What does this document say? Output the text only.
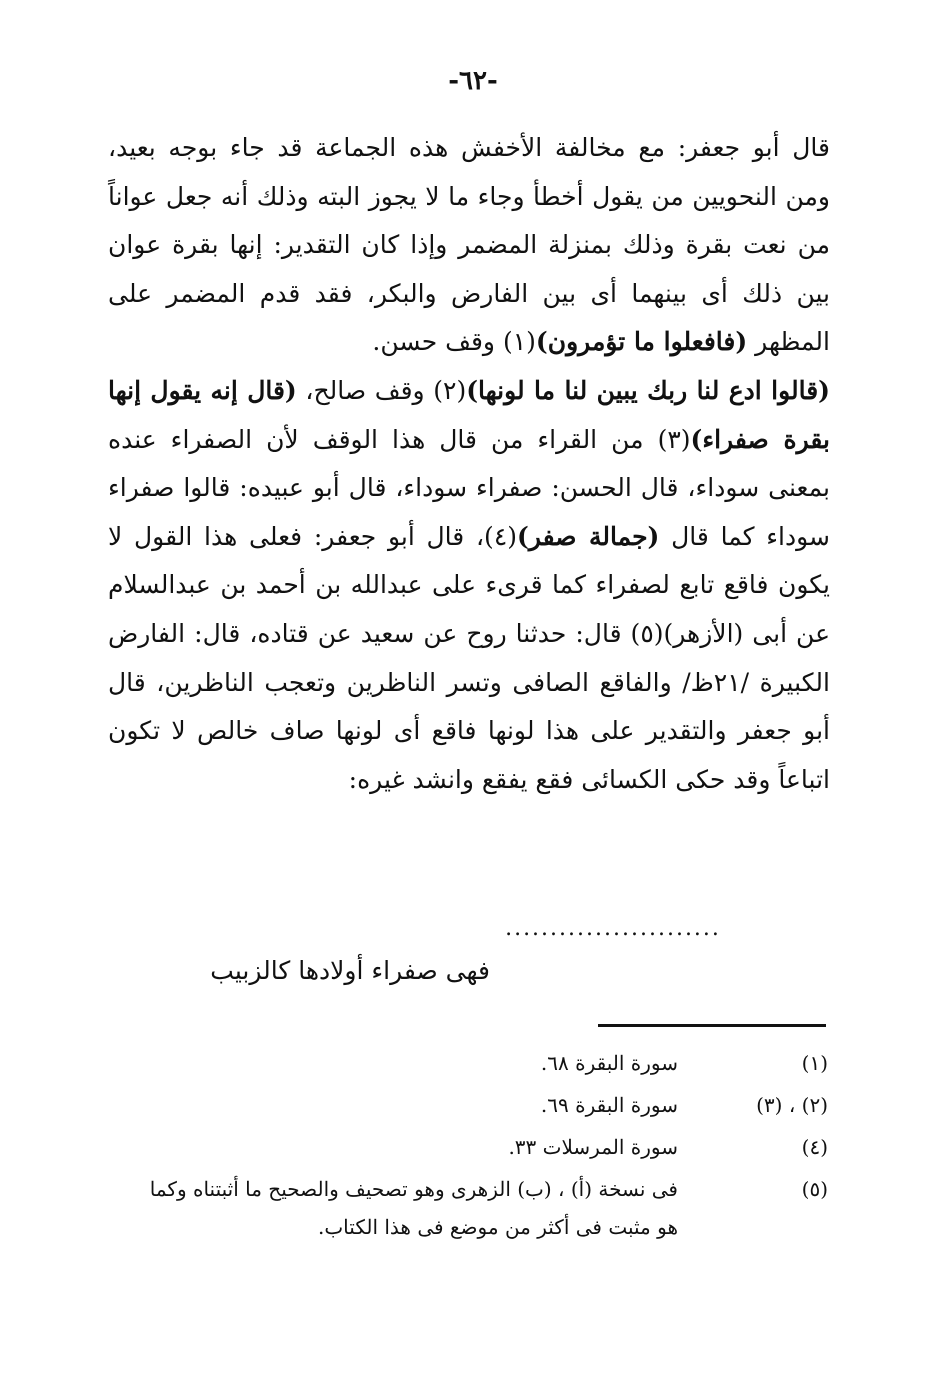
-٦٢-

قال أبو جعفر: مع مخالفة الأخفش هذه الجماعة قد جاء بوجه بعيد، ومن النحويين من يقول أخطأ وجاء ما لا يجوز البته وذلك أنه جعل عواناً من نعت بقرة وذلك بمنزلة المضمر وإذا كان التقدير: إنها بقرة عوان بين ذلك أى بينهما أى بين الفارض والبكر، فقد قدم المضمر على المظهر (فافعلوا ما تؤمرون)(١) وقف حسن.

(قالوا ادع لنا ربك يبين لنا ما لونها)(٢) وقف صالح، (قال إنه يقول إنها بقرة صفراء)(٣) من القراء من قال هذا الوقف لأن الصفراء عنده بمعنى سوداء، قال الحسن: صفراء سوداء، قال أبو عبيده: قالوا صفراء سوداء كما قال (جمالة صفر)(٤)، قال أبو جعفر: فعلى هذا القول لا يكون فاقع تابع لصفراء كما قرىء على عبدالله بن أحمد بن عبدالسلام عن أبى (الأزهر)(٥) قال: حدثنا روح عن سعيد عن قتاده، قال: الفارض الكبيرة /٢١ظ/ والفاقع الصافى وتسر الناظرين وتعجب الناظرين، قال أبو جعفر والتقدير على هذا لونها فاقع أى لونها صاف خالص لا تكون اتباعاً وقد حكى الكسائى فقع يفقع وانشد غيره:

........................
فهى صفراء أولادها كالزبيب
(١)
سورة البقرة ٦٨.
(٢) ، (٣)
سورة البقرة ٦٩.
(٤)
سورة المرسلات ٣٣.
(٥)
فى نسخة (أ) ، (ب) الزهرى وهو تصحيف والصحيح ما أثبتناه وكما هو مثبت فى أكثر من موضع فى هذا الكتاب.
